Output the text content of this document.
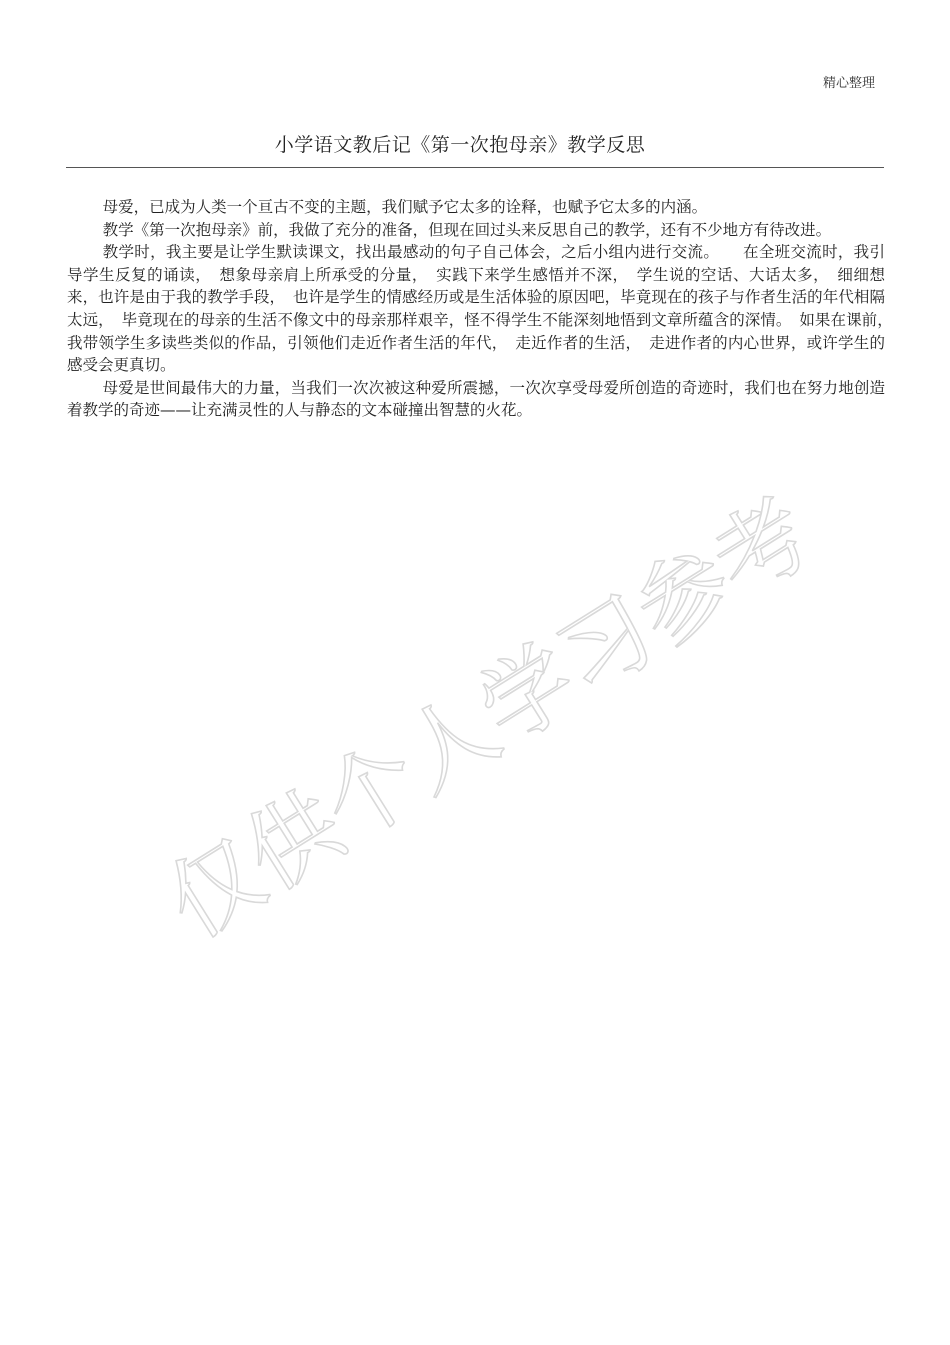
精心整理
小学语文教后记《第一次抱母亲》教学反思

母爱，已成为人类一个亘古不变的主题，我们赋予它太多的诠释，也赋予它太多的内涵。

教学《第一次抱母亲》前，我做了充分的准备，但现在回过头来反思自己的教学，还有不少地方有待改进。

教学时，我主要是让学生默读课文，找出最感动的句子自己体会，之后小组内进行交流。　　在全班交流时，我引导学生反复的诵读，　想象母亲肩上所承受的分量，　实践下来学生感悟并不深，　学生说的空话、大话太多，　细细想来，也许是由于我的教学手段，　也许是学生的情感经历或是生活体验的原因吧，毕竟现在的孩子与作者生活的年代相隔太远，　毕竟现在的母亲的生活不像文中的母亲那样艰辛，怪不得学生不能深刻地悟到文章所蕴含的深情。　如果在课前，　我带领学生多读些类似的作品，引领他们走近作者生活的年代，　走近作者的生活，　走进作者的内心世界，或许学生的感受会更真切。

母爱是世间最伟大的力量，当我们一次次被这种爱所震撼，一次次享受母爱所创造的奇迹时，我们也在努力地创造着教学的奇迹——让充满灵性的人与静态的文本碰撞出智慧的火花。

仅供个人学习参考
